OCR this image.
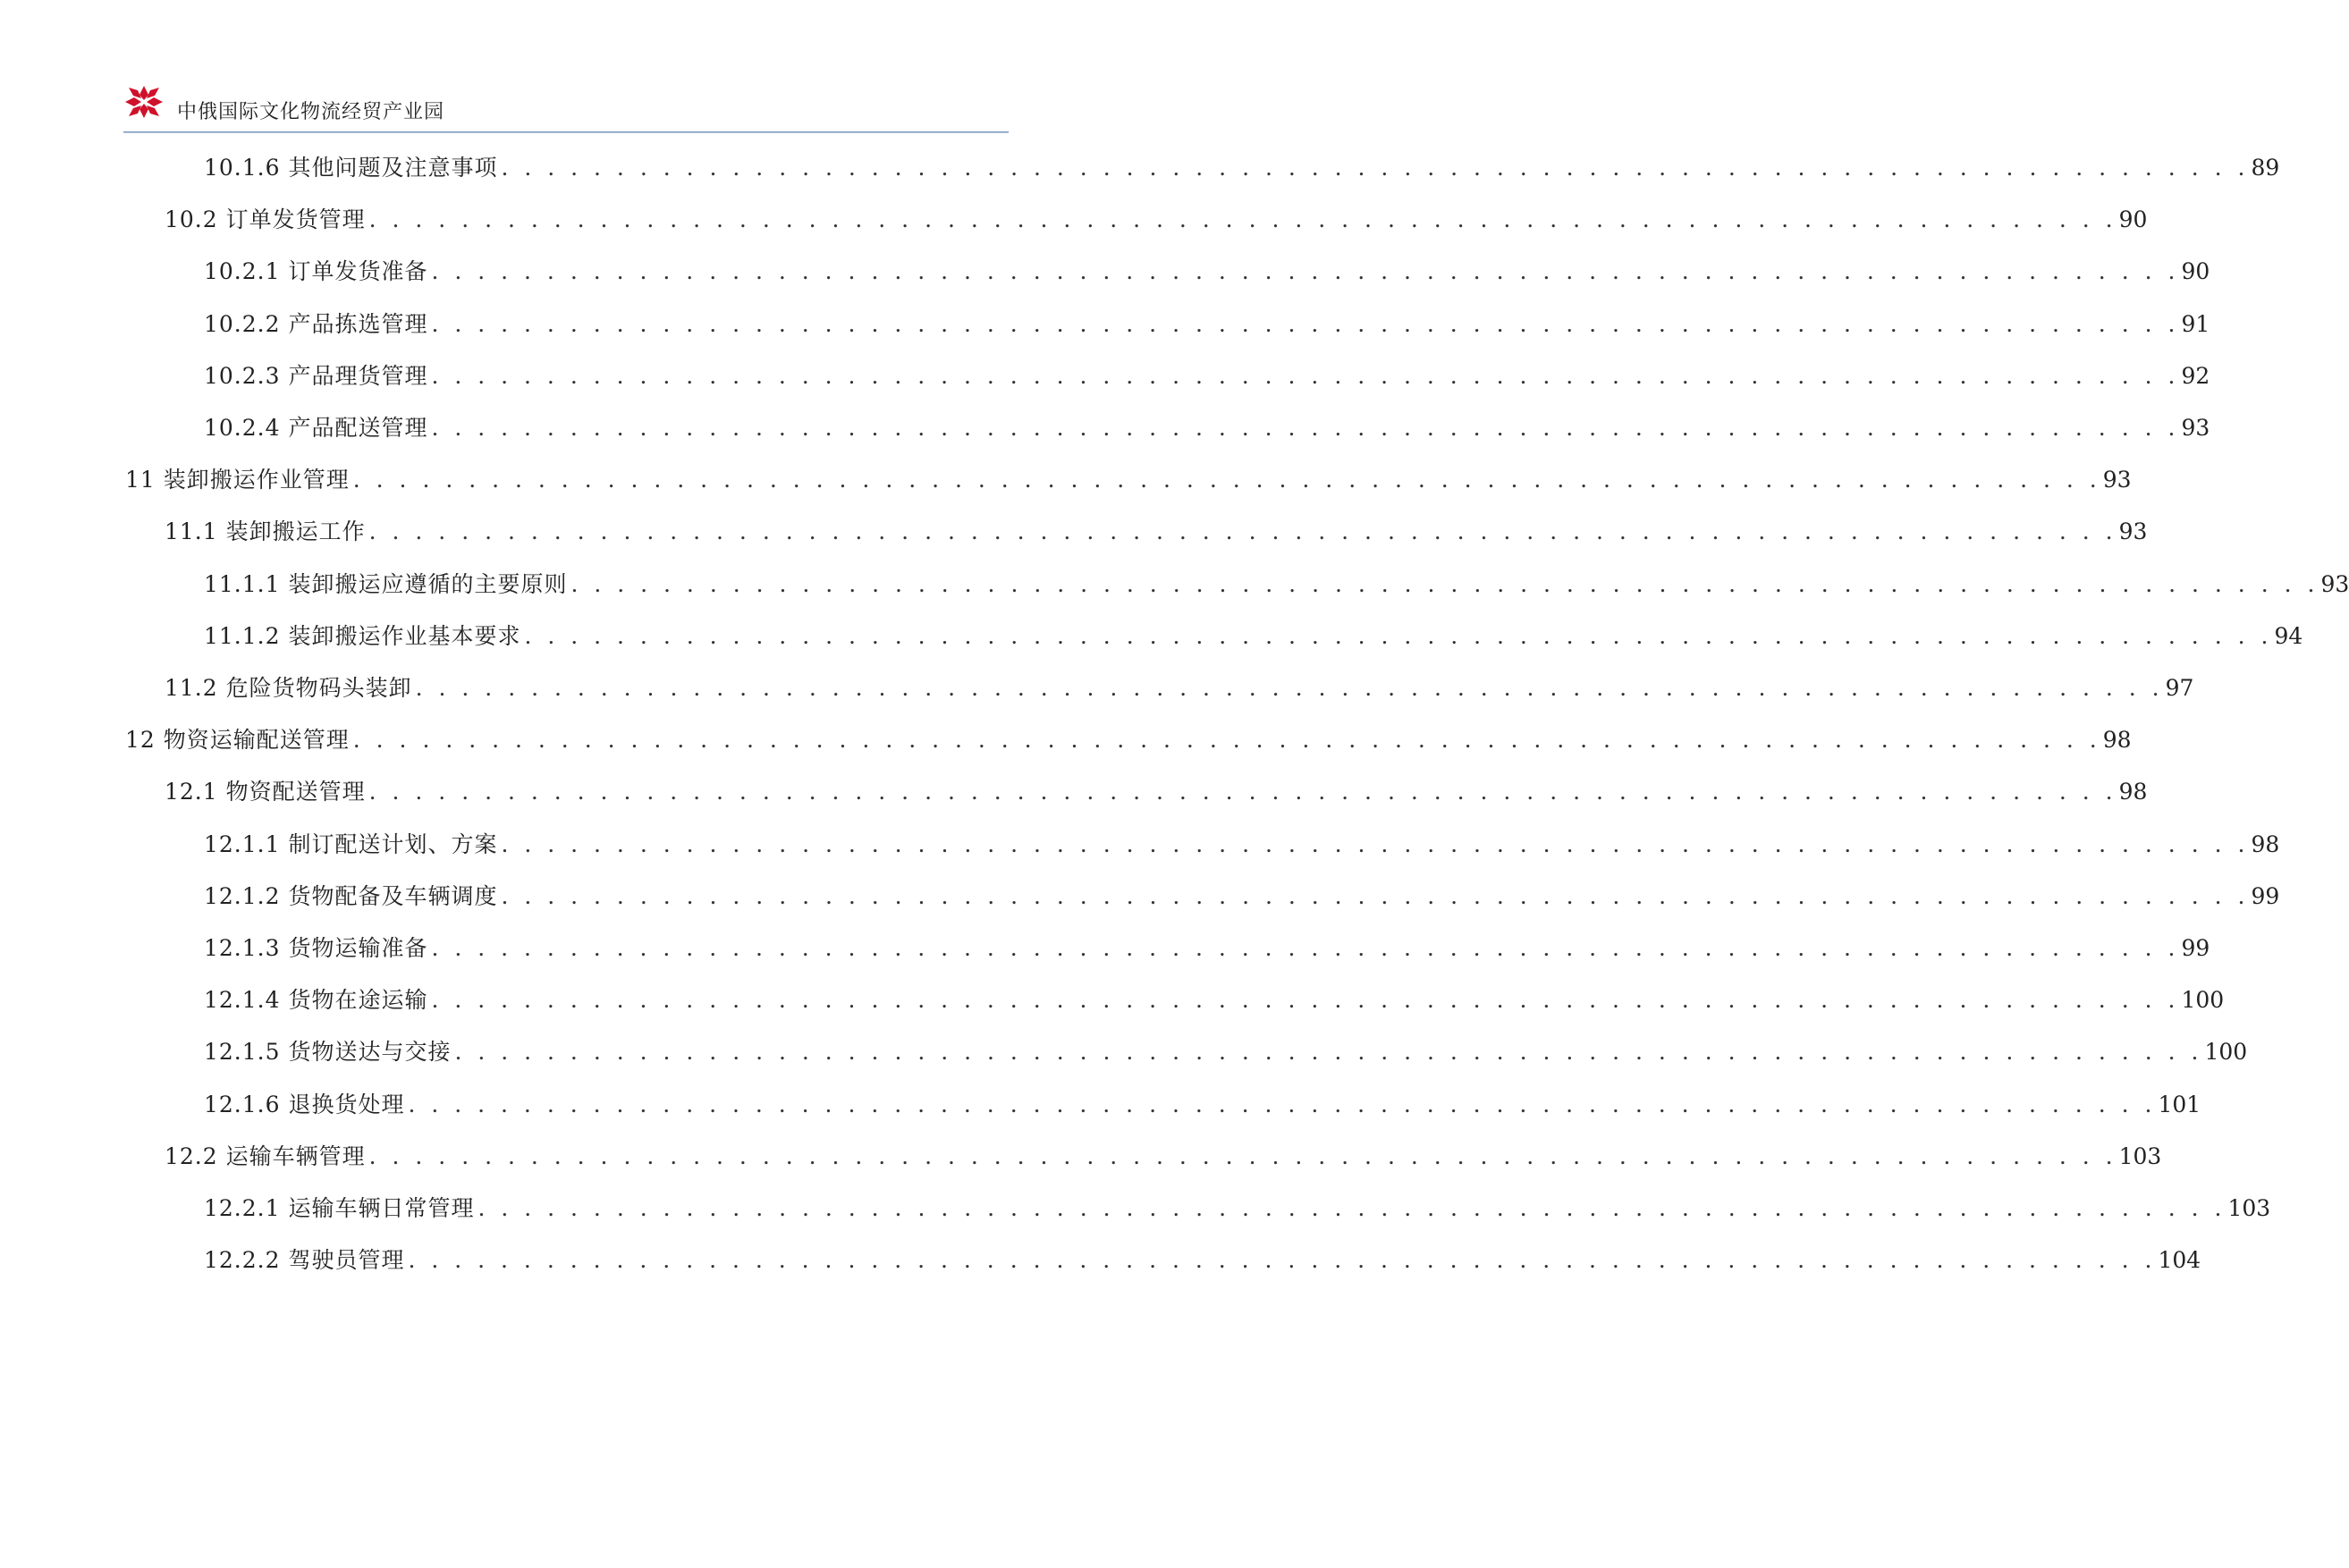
中俄国际文化物流经贸产业园
10.1.6 其他问题及注意事项 . . . . . . . . . . . . . . . . . . . . . . . . . . . . . . . . . . . . . . . . . . . . . . . . . . . . . . . . . . . . . . . . . . . . . . . . . . . . 89
10.2 订单发货管理 . . . . . . . . . . . . . . . . . . . . . . . . . . . . . . . . . . . . . . . . . . . . . . . . . . . . . . . . . . . . . . . . . . . . . . . . . . . . 90
10.2.1 订单发货准备 . . . . . . . . . . . . . . . . . . . . . . . . . . . . . . . . . . . . . . . . . . . . . . . . . . . . . . . . . . . . . . . . . . . . . . . . . . . . 90
10.2.2 产品拣选管理 . . . . . . . . . . . . . . . . . . . . . . . . . . . . . . . . . . . . . . . . . . . . . . . . . . . . . . . . . . . . . . . . . . . . . . . . . . . . 91
10.2.3 产品理货管理 . . . . . . . . . . . . . . . . . . . . . . . . . . . . . . . . . . . . . . . . . . . . . . . . . . . . . . . . . . . . . . . . . . . . . . . . . . . . 92
10.2.4 产品配送管理 . . . . . . . . . . . . . . . . . . . . . . . . . . . . . . . . . . . . . . . . . . . . . . . . . . . . . . . . . . . . . . . . . . . . . . . . . . . . 93
11 装卸搬运作业管理 . . . . . . . . . . . . . . . . . . . . . . . . . . . . . . . . . . . . . . . . . . . . . . . . . . . . . . . . . . . . . . . . . . . . . . . . . . . . 93
11.1 装卸搬运工作 . . . . . . . . . . . . . . . . . . . . . . . . . . . . . . . . . . . . . . . . . . . . . . . . . . . . . . . . . . . . . . . . . . . . . . . . . . . . 93
11.1.1 装卸搬运应遵循的主要原则 . . . . . . . . . . . . . . . . . . . . . . . . . . . . . . . . . . . . . . . . . . . . . . . . . . . . . . . . . . . . . . . . . . . . . . . . . . . . 93
11.1.2 装卸搬运作业基本要求 . . . . . . . . . . . . . . . . . . . . . . . . . . . . . . . . . . . . . . . . . . . . . . . . . . . . . . . . . . . . . . . . . . . . . . . . . . . . 94
11.2 危险货物码头装卸 . . . . . . . . . . . . . . . . . . . . . . . . . . . . . . . . . . . . . . . . . . . . . . . . . . . . . . . . . . . . . . . . . . . . . . . . . . . . 97
12 物资运输配送管理 . . . . . . . . . . . . . . . . . . . . . . . . . . . . . . . . . . . . . . . . . . . . . . . . . . . . . . . . . . . . . . . . . . . . . . . . . . . . 98
12.1 物资配送管理 . . . . . . . . . . . . . . . . . . . . . . . . . . . . . . . . . . . . . . . . . . . . . . . . . . . . . . . . . . . . . . . . . . . . . . . . . . . . 98
12.1.1 制订配送计划、方案 . . . . . . . . . . . . . . . . . . . . . . . . . . . . . . . . . . . . . . . . . . . . . . . . . . . . . . . . . . . . . . . . . . . . . . . . . . . . 98
12.1.2 货物配备及车辆调度 . . . . . . . . . . . . . . . . . . . . . . . . . . . . . . . . . . . . . . . . . . . . . . . . . . . . . . . . . . . . . . . . . . . . . . . . . . . . 99
12.1.3 货物运输准备 . . . . . . . . . . . . . . . . . . . . . . . . . . . . . . . . . . . . . . . . . . . . . . . . . . . . . . . . . . . . . . . . . . . . . . . . . . . . 99
12.1.4 货物在途运输 . . . . . . . . . . . . . . . . . . . . . . . . . . . . . . . . . . . . . . . . . . . . . . . . . . . . . . . . . . . . . . . . . . . . . . . . . . . . 100
12.1.5 货物送达与交接 . . . . . . . . . . . . . . . . . . . . . . . . . . . . . . . . . . . . . . . . . . . . . . . . . . . . . . . . . . . . . . . . . . . . . . . . . . . . 100
12.1.6 退换货处理 . . . . . . . . . . . . . . . . . . . . . . . . . . . . . . . . . . . . . . . . . . . . . . . . . . . . . . . . . . . . . . . . . . . . . . . . . . . . 101
12.2 运输车辆管理 . . . . . . . . . . . . . . . . . . . . . . . . . . . . . . . . . . . . . . . . . . . . . . . . . . . . . . . . . . . . . . . . . . . . . . . . . . . . 103
12.2.1 运输车辆日常管理 . . . . . . . . . . . . . . . . . . . . . . . . . . . . . . . . . . . . . . . . . . . . . . . . . . . . . . . . . . . . . . . . . . . . . . . . . . . . 103
12.2.2 驾驶员管理 . . . . . . . . . . . . . . . . . . . . . . . . . . . . . . . . . . . . . . . . . . . . . . . . . . . . . . . . . . . . . . . . . . . . . . . . . . . . 104
